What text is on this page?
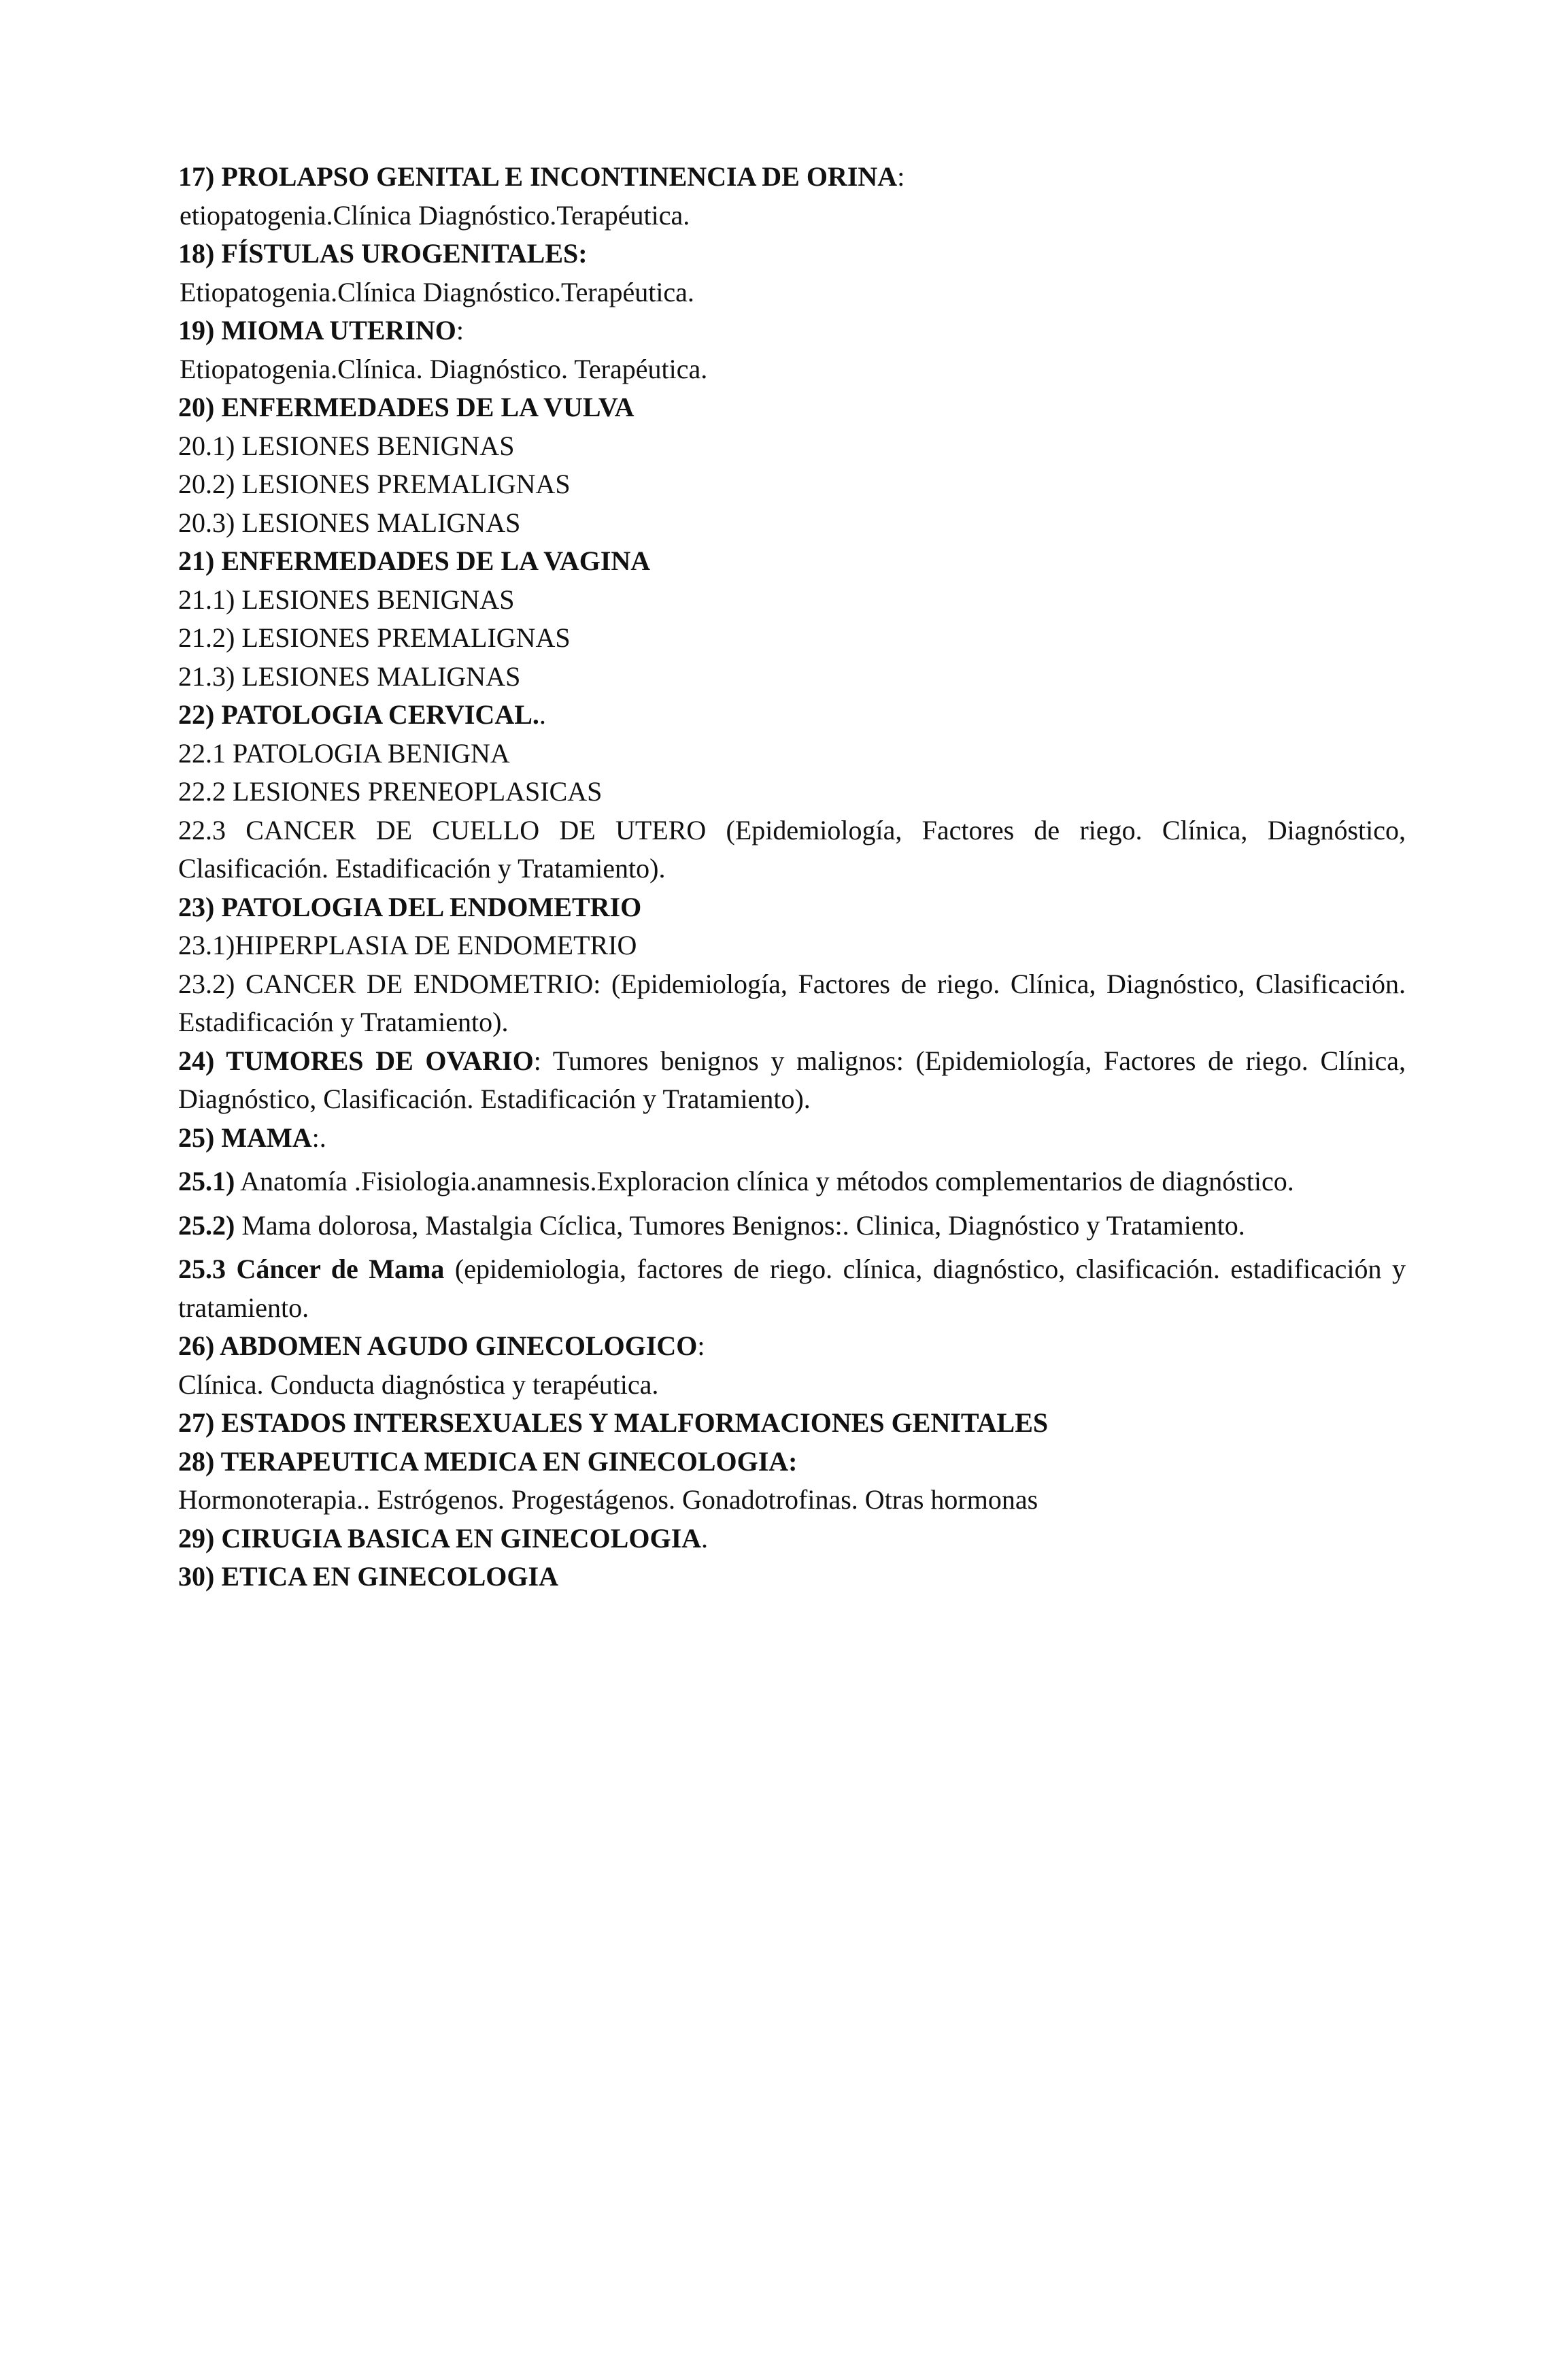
17) PROLAPSO GENITAL E INCONTINENCIA DE ORINA:
etiopatogenia.Clínica Diagnóstico.Terapéutica.
18) FÍSTULAS UROGENITALES:
Etiopatogenia.Clínica Diagnóstico.Terapéutica.
19) MIOMA UTERINO:
Etiopatogenia.Clínica. Diagnóstico. Terapéutica.
20) ENFERMEDADES DE LA VULVA
20.1) LESIONES BENIGNAS
20.2) LESIONES PREMALIGNAS
20.3) LESIONES MALIGNAS
21) ENFERMEDADES DE LA VAGINA
21.1) LESIONES BENIGNAS
21.2) LESIONES PREMALIGNAS
21.3) LESIONES MALIGNAS
22) PATOLOGIA CERVICAL..
22.1 PATOLOGIA BENIGNA
22.2 LESIONES PRENEOPLASICAS
22.3 CANCER DE CUELLO DE UTERO (Epidemiología, Factores de riego. Clínica, Diagnóstico, Clasificación. Estadificación y Tratamiento).
23) PATOLOGIA DEL ENDOMETRIO
23.1)HIPERPLASIA DE ENDOMETRIO
23.2) CANCER DE ENDOMETRIO: (Epidemiología, Factores de riego. Clínica, Diagnóstico, Clasificación. Estadificación y Tratamiento).
24) TUMORES DE OVARIO: Tumores benignos y malignos: (Epidemiología, Factores de riego. Clínica, Diagnóstico, Clasificación. Estadificación y Tratamiento).
25) MAMA:.
25.1) Anatomía .Fisiologia.anamnesis.Exploracion clínica y métodos complementarios de diagnóstico.
25.2) Mama dolorosa, Mastalgia Cíclica, Tumores Benignos:. Clinica, Diagnóstico y Tratamiento.
25.3 Cáncer de Mama (epidemiologia, factores de riego. clínica, diagnóstico, clasificación. estadificación y tratamiento.
26) ABDOMEN AGUDO GINECOLOGICO:
Clínica. Conducta diagnóstica y terapéutica.
27) ESTADOS INTERSEXUALES Y MALFORMACIONES GENITALES
28) TERAPEUTICA MEDICA EN GINECOLOGIA:
Hormonoterapia.. Estrógenos. Progestágenos. Gonadotrofinas. Otras hormonas
29) CIRUGIA BASICA EN GINECOLOGIA.
30) ETICA EN GINECOLOGIA
